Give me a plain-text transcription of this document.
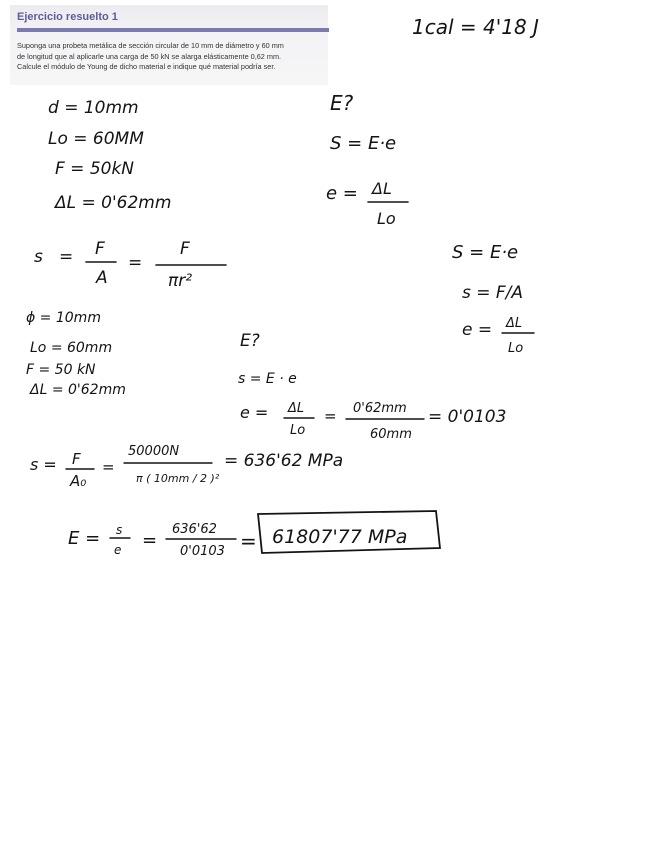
Ejercicio resuelto 1
Suponga una probeta metálica de sección circular de 10 mm de diámetro y 60 mm
de longitud que al aplicarle una carga de 50 kN se alarga elásticamente 0,62 mm.
Calcule el módulo de Young de dicho material e indique qué material podría ser.
1cal = 4'18 J
d = 10mm
Lo = 60MM
F = 50kN
ΔL = 0'62mm
E?
S = E·e
e = ΔL
Lo
s = F
A
=
F
πr²
S = E·e
s = F/A
e = ΔL
Lo
ϕ = 10mm
Lo = 60mm
F = 50 kN
ΔL = 0'62mm
E?
s = E · e
e = ΔL
Lo
= 0'62mm
60mm
= 0'0103
s = F
A₀
=
50000N
π ( 10mm / 2 )²
= 636'62 MPa
E = s
e =
636'62
0'0103 = 61807'77 MPa
